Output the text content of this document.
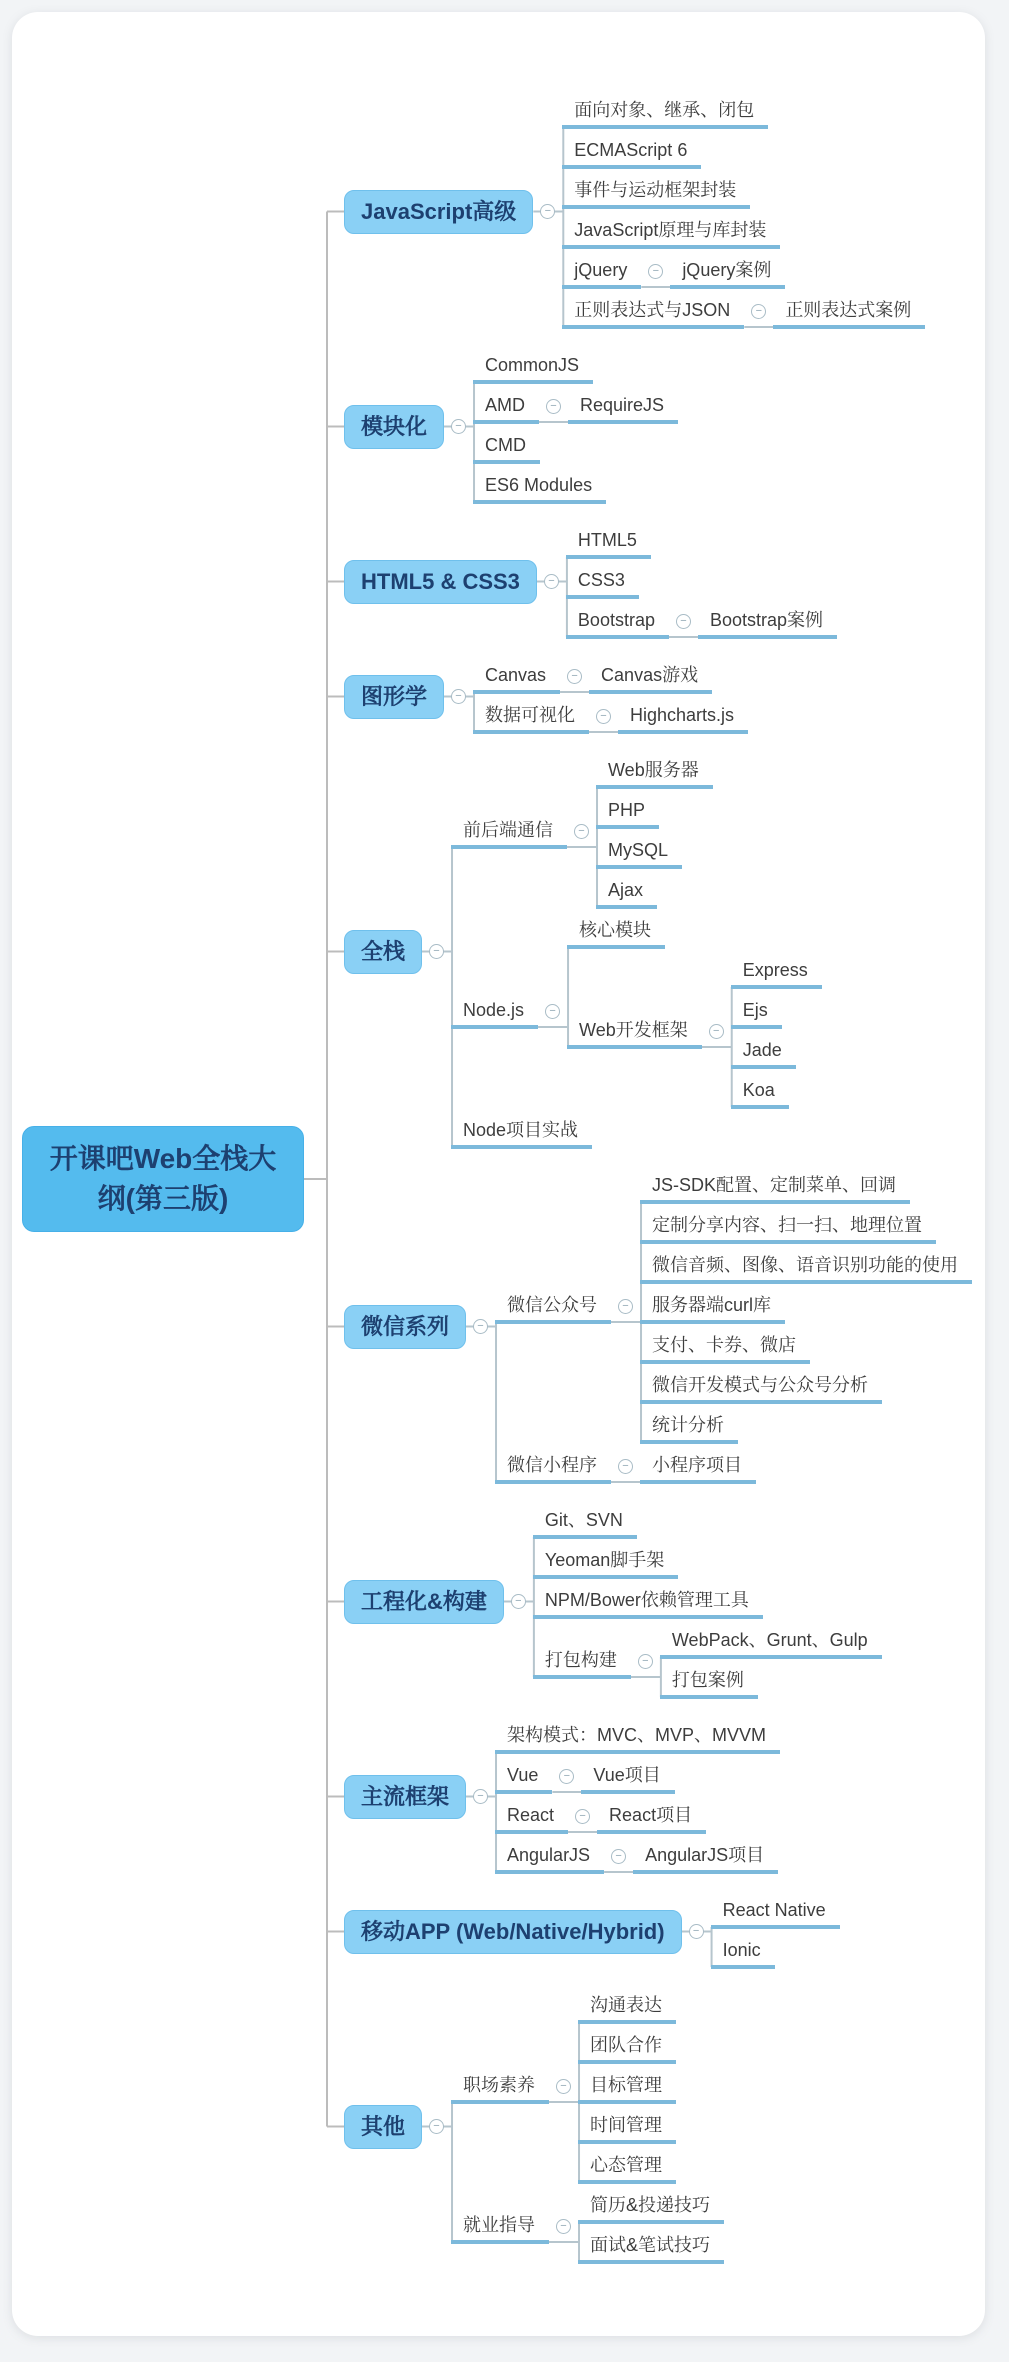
开课吧Web全栈大纲(第三版)
JavaScript高级	−
面向对象、继承、闭包
ECMAScript 6
事件与运动框架封装
JavaScript原理与库封装
jQuery	−	jQuery案例
正则表达式与JSON	−	正则表达式案例
模块化	−
CommonJS
AMD	−	RequireJS
CMD
ES6 Modules
HTML5 & CSS3	−
HTML5
CSS3
Bootstrap	−	Bootstrap案例
图形学	−
Canvas	−	Canvas游戏
数据可视化	−	Highcharts.js
全栈	−
前后端通信	−
Web服务器
PHP
MySQL
Ajax
Node.js	−
核心模块
Web开发框架	−
Express
Ejs
Jade
Koa
Node项目实战
微信系列	−
微信公众号	−
JS-SDK配置、定制菜单、回调
定制分享内容、扫一扫、地理位置
微信音频、图像、语音识别功能的使用
服务器端curl库
支付、卡券、微店
微信开发模式与公众号分析
统计分析
微信小程序	−	小程序项目
工程化&构建	−
Git、SVN
Yeoman脚手架
NPM/Bower依赖管理工具
打包构建	−
WebPack、Grunt、Gulp
打包案例
主流框架	−
架构模式：MVC、MVP、MVVM
Vue	−	Vue项目
React	−	React项目
AngularJS	−	AngularJS项目
移动APP (Web/Native/Hybrid)	−
React Native
Ionic
其他	−
职场素养	−
沟通表达
团队合作
目标管理
时间管理
心态管理
就业指导	−
简历&投递技巧
面试&笔试技巧
